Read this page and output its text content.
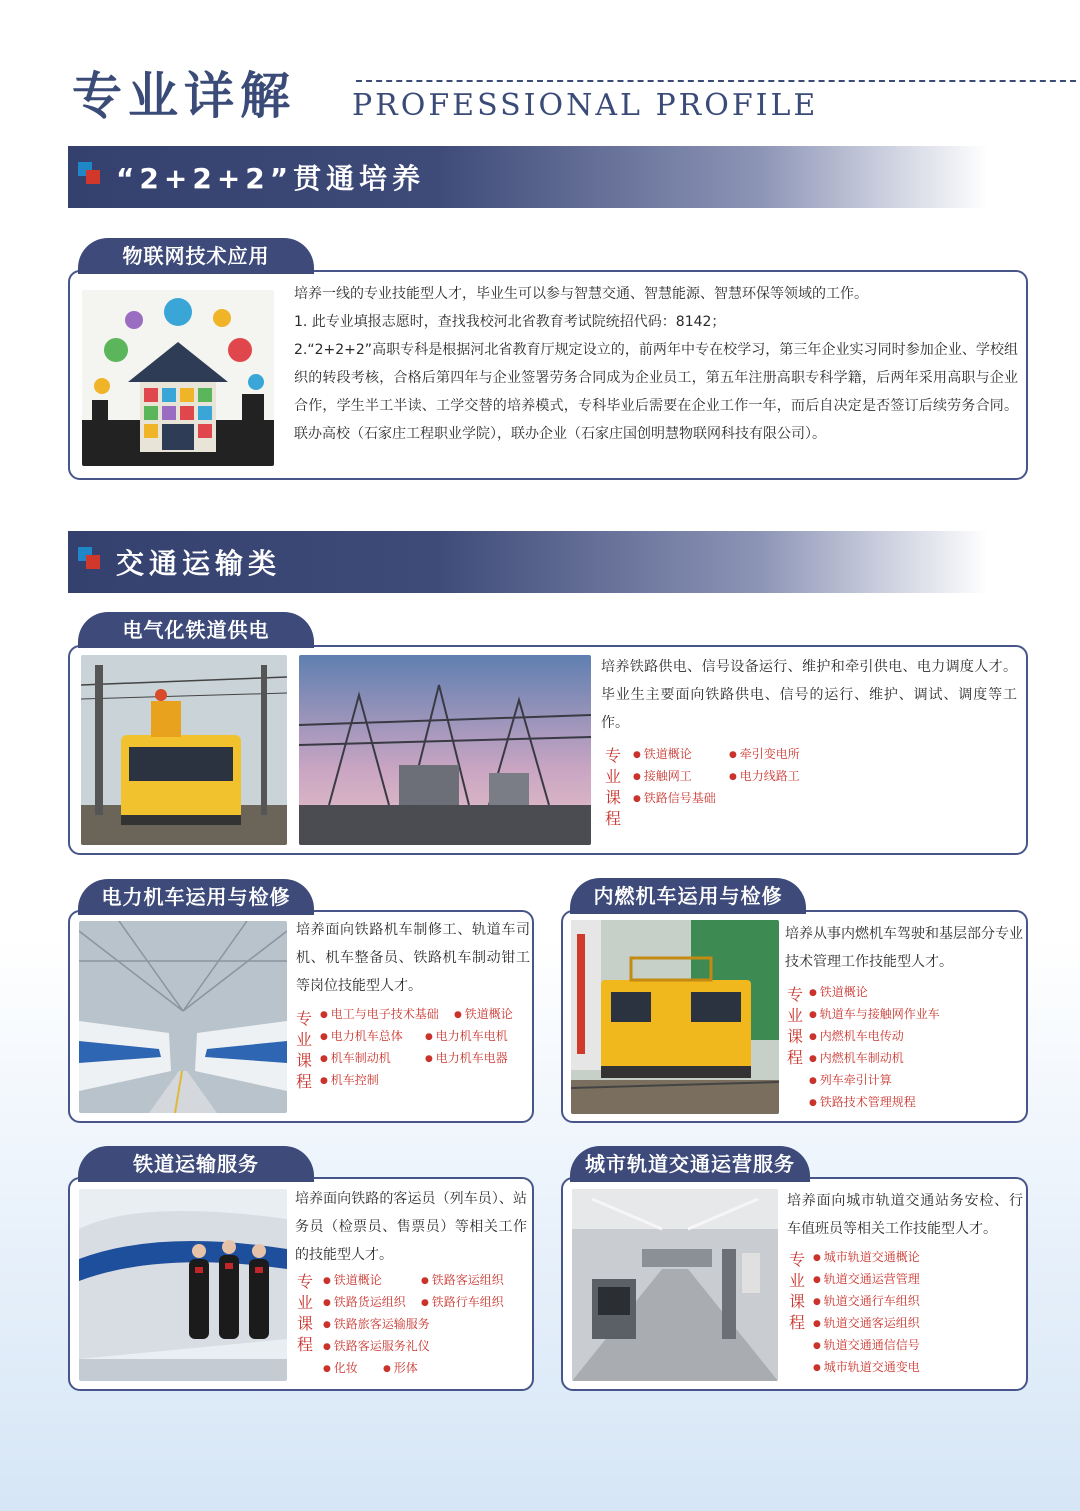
专业详解 PROFESSIONAL PROFILE
“2+2+2”贯通培养
物联网技术应用

培养一线的专业技能型人才，毕业生可以参与智慧交通、智慧能源、智慧环保等领域的工作。

1. 此专业填报志愿时，查找我校河北省教育考试院统招代码：8142；

2.“2+2+2”高职专科是根据河北省教育厅规定设立的，前两年中专在校学习，第三年企业实习同时参加企业、学校组织的转段考核，合格后第四年与企业签署劳务合同成为企业员工，第五年注册高职专科学籍，后两年采用高职与企业合作，学生半工半读、工学交替的培养模式，专科毕业后需要在企业工作一年，而后自决定是否签订后续劳务合同。联办高校（石家庄工程职业学院），联办企业（石家庄国创明慧物联网科技有限公司）。

交通运输类
电气化铁道供电
培养铁路供电、信号设备运行、维护和牵引供电、电力调度人才。毕业生主要面向铁路供电、信号的运行、维护、调试、调度等工作。
专业课程
● 铁道概论	● 牵引变电所
● 接触网工	● 电力线路工
● 铁路信号基础
电力机车运用与检修
培养面向铁路机车制修工、轨道车司机、机车整备员、铁路机车制动钳工等岗位技能型人才。
专业课程
● 电工与电子技术基础	● 铁道概论
● 电力机车总体	● 电力机车电机
● 机车制动机	● 电力机车电器
● 机车控制
内燃机车运用与检修
培养从事内燃机车驾驶和基层部分专业技术管理工作技能型人才。
专业课程
● 铁道概论
● 轨道车与接触网作业车
● 内燃机车电传动
● 内燃机车制动机
● 列车牵引计算
● 铁路技术管理规程
铁道运输服务
培养面向铁路的客运员（列车员）、站务员（检票员、售票员）等相关工作的技能型人才。
专业课程
● 铁道概论	● 铁路客运组织
● 铁路货运组织	● 铁路行车组织
● 铁路旅客运输服务
● 铁路客运服务礼仪
● 化妆	● 形体
城市轨道交通运营服务
培养面向城市轨道交通站务安检、行车值班员等相关工作技能型人才。
专业课程
● 城市轨道交通概论
● 轨道交通运营管理
● 轨道交通行车组织
● 轨道交通客运组织
● 轨道交通通信信号
● 城市轨道交通变电
